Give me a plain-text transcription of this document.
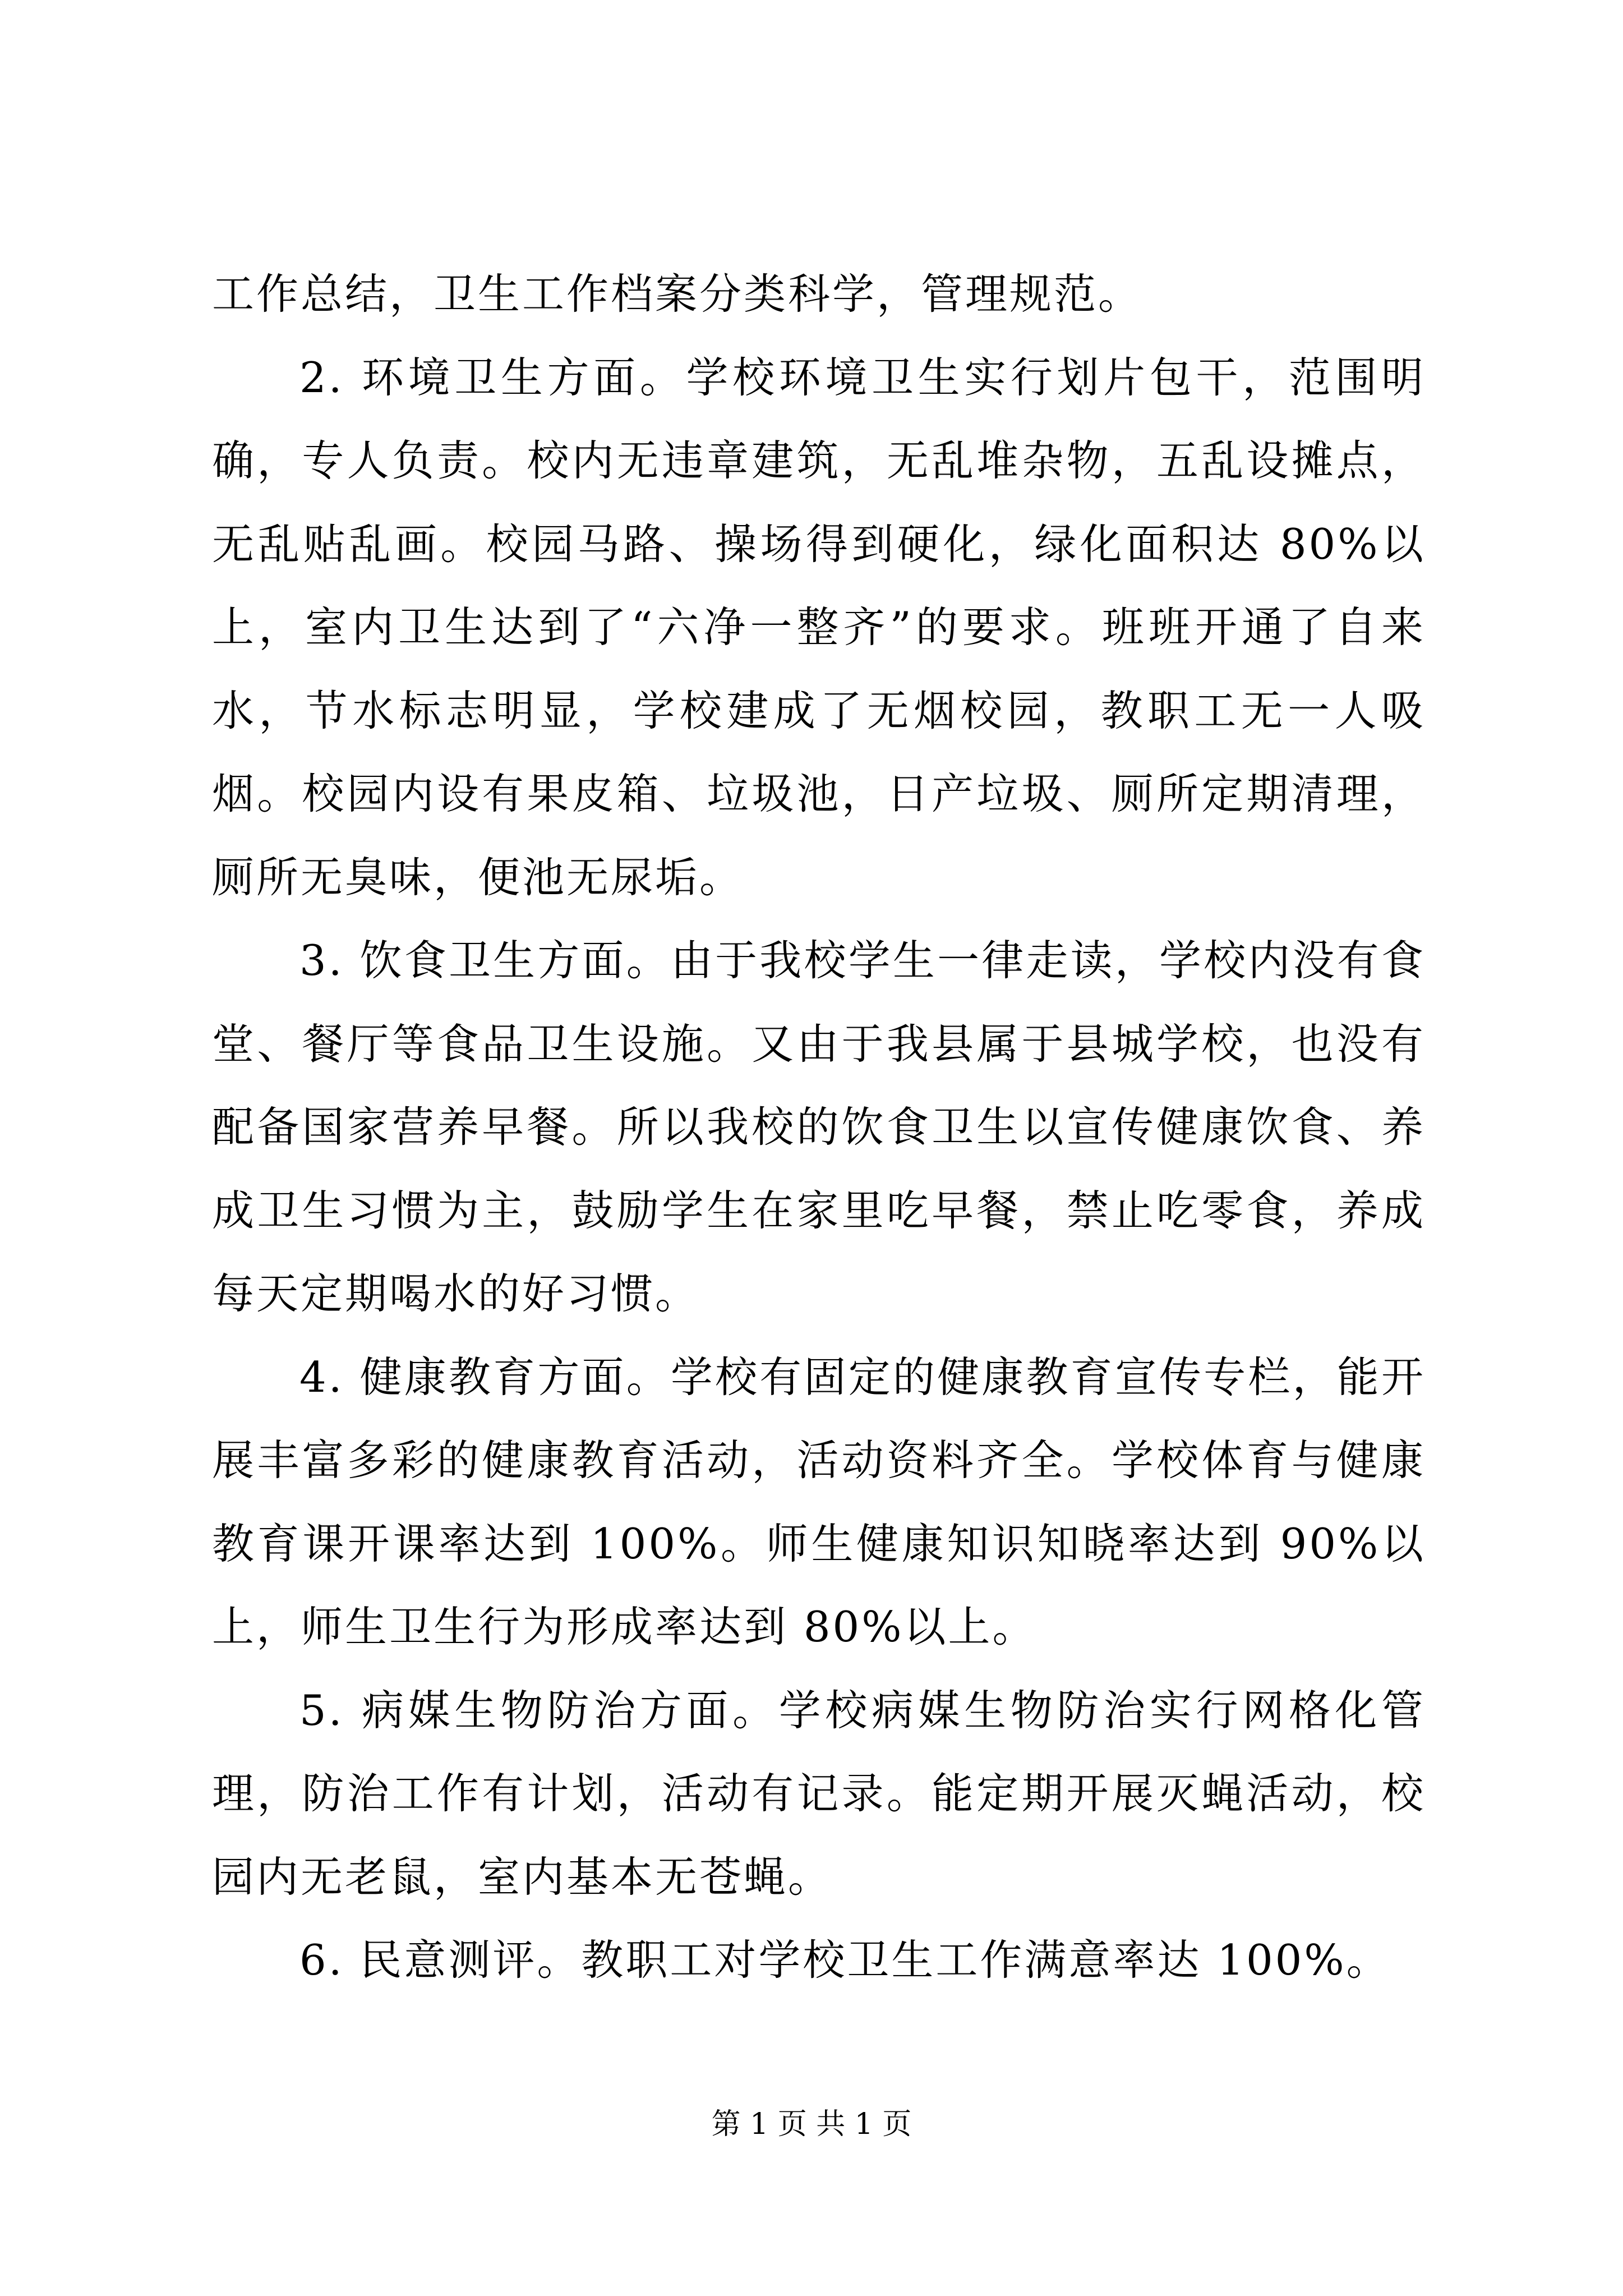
工作总结，卫生工作档案分类科学，管理规范。

2. 环境卫生方面。学校环境卫生实行划片包干，范围明确，专人负责。校内无违章建筑，无乱堆杂物，五乱设摊点，无乱贴乱画。校园马路、操场得到硬化，绿化面积达 80%以上，室内卫生达到了“六净一整齐”的要求。班班开通了自来水，节水标志明显，学校建成了无烟校园，教职工无一人吸烟。校园内设有果皮箱、垃圾池，日产垃圾、厕所定期清理，厕所无臭味，便池无尿垢。

3. 饮食卫生方面。由于我校学生一律走读，学校内没有食堂、餐厅等食品卫生设施。又由于我县属于县城学校，也没有配备国家营养早餐。所以我校的饮食卫生以宣传健康饮食、养成卫生习惯为主，鼓励学生在家里吃早餐，禁止吃零食，养成每天定期喝水的好习惯。

4. 健康教育方面。学校有固定的健康教育宣传专栏，能开展丰富多彩的健康教育活动，活动资料齐全。学校体育与健康教育课开课率达到 100%。师生健康知识知晓率达到 90%以上，师生卫生行为形成率达到 80%以上。

5. 病媒生物防治方面。学校病媒生物防治实行网格化管理，防治工作有计划，活动有记录。能定期开展灭蝇活动，校园内无老鼠，室内基本无苍蝇。

6. 民意测评。教职工对学校卫生工作满意率达 100%。

第 1 页 共 1 页
